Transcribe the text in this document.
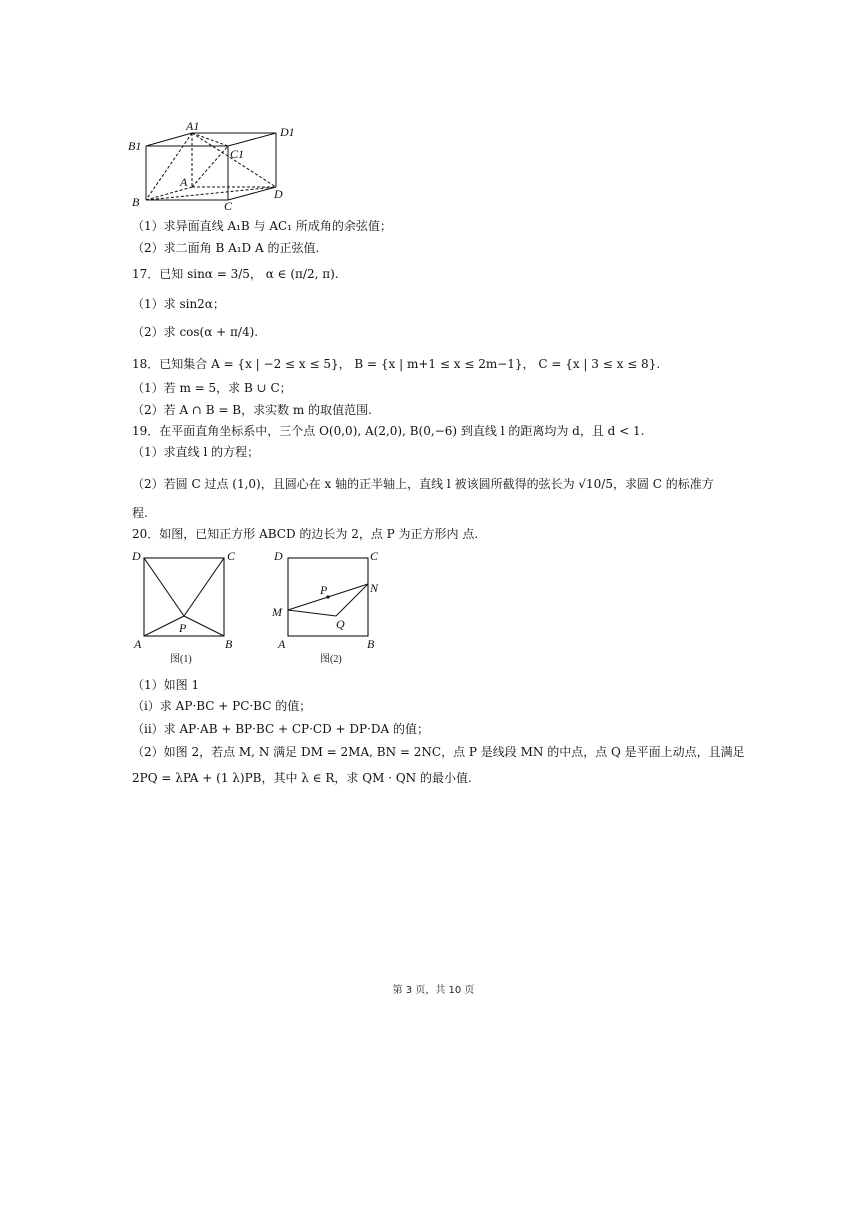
A1	D1
B1
C1
A
D
B	C
（1）求异面直线 A₁B 与 AC₁ 所成角的余弦值；
（2）求二面角 B A₁D A 的正弦值.
17．已知 sinα = 3/5， α ∈ (π/2, π).
（1）求 sin2α；
（2）求 cos(α + π/4).
18．已知集合 A = {x | −2 ≤ x ≤ 5}， B = {x | m+1 ≤ x ≤ 2m−1}， C = {x | 3 ≤ x ≤ 8}.
（1）若 m = 5，求 B ∪ C；
（2）若 A ∩ B = B，求实数 m 的取值范围.
19．在平面直角坐标系中，三个点 O(0,0), A(2,0), B(0,−6) 到直线 l 的距离均为 d，且 d < 1.
（1）求直线 l 的方程；
（2）若圆 C 过点 (1,0)，且圆心在 x 轴的正半轴上，直线 l 被该圆所截得的弦长为 √10/5，求圆 C 的标准方
程.
20．如图，已知正方形 ABCD 的边长为 2，点 P 为正方形内 点.
D	C
P
A	B
图(1)
D	C
P	N
M
Q
A	B
图(2)
（1）如图 1
（i）求 AP·BC + PC·BC 的值；
（ii）求 AP·AB + BP·BC + CP·CD + DP·DA 的值；
（2）如图 2，若点 M, N 满足 DM = 2MA, BN = 2NC，点 P 是线段 MN 的中点，点 Q 是平面上动点，且满足
2PQ = λPA + (1 λ)PB，其中 λ ∈ R，求 QM · QN 的最小值.
第 3 页，共 10 页
